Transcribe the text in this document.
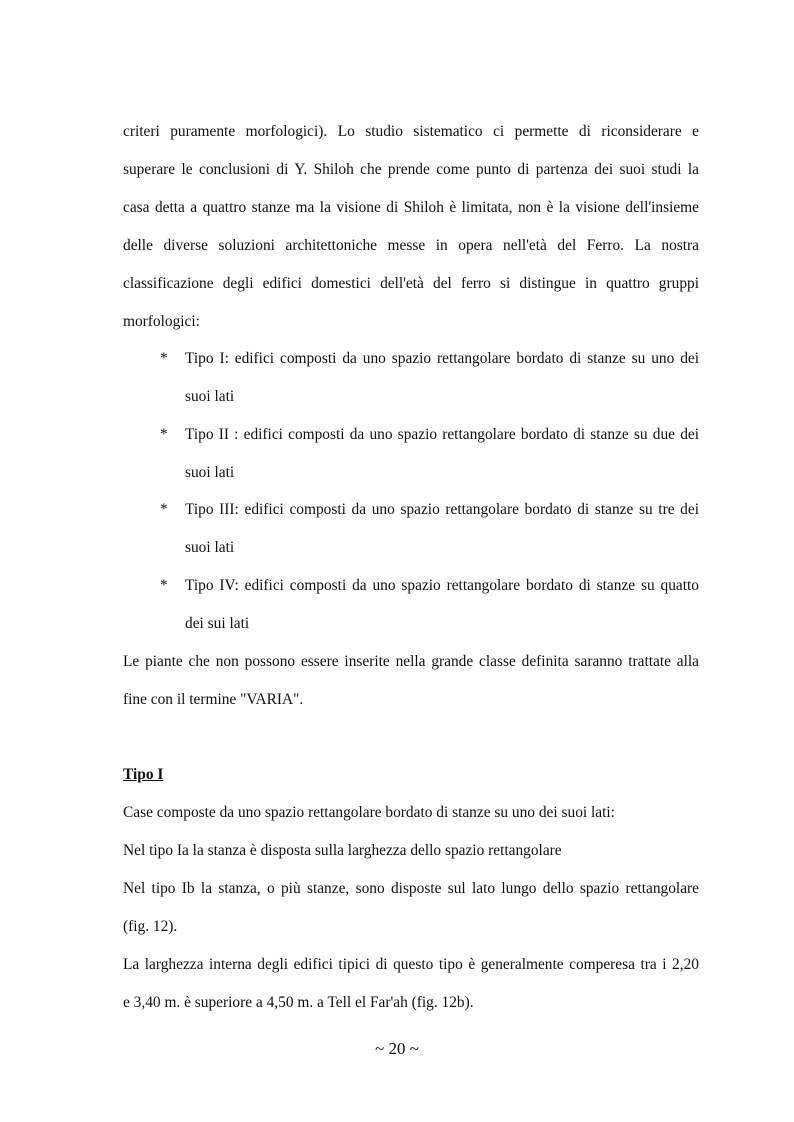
criteri puramente morfologici). Lo studio sistematico ci permette di riconsiderare e
superare le conclusioni di Y. Shiloh che prende come punto di partenza dei suoi studi la
casa detta a quattro stanze ma la visione di Shiloh è limitata, non è la visione dell'insieme
delle diverse soluzioni architettoniche messe in opera nell'età del Ferro. La nostra
classificazione degli edifici domestici dell'età del ferro si distingue in quattro gruppi
morfologici:
* Tipo I: edifici composti da uno spazio rettangolare bordato di stanze su uno dei
suoi lati
* Tipo II : edifici composti da uno spazio rettangolare bordato di stanze su due dei
suoi lati
* Tipo III: edifici composti da uno spazio rettangolare bordato di stanze su tre dei
suoi lati
* Tipo IV: edifici composti da uno spazio rettangolare bordato di stanze su quatto
dei sui lati
Le piante che non possono essere inserite nella grande classe definita saranno trattate alla
fine con il termine "VARIA".
Tipo I
Case composte da uno spazio rettangolare bordato di stanze su uno dei suoi lati:
Nel tipo Ia la stanza è disposta sulla larghezza dello spazio rettangolare
Nel tipo Ib la stanza, o più stanze, sono disposte sul lato lungo dello spazio rettangolare
(fig. 12).
La larghezza interna degli edifici tipici di questo tipo è generalmente comperesa tra i 2,20
e 3,40 m. è superiore a 4,50 m. a Tell el Far'ah (fig. 12b).
~ 20 ~
